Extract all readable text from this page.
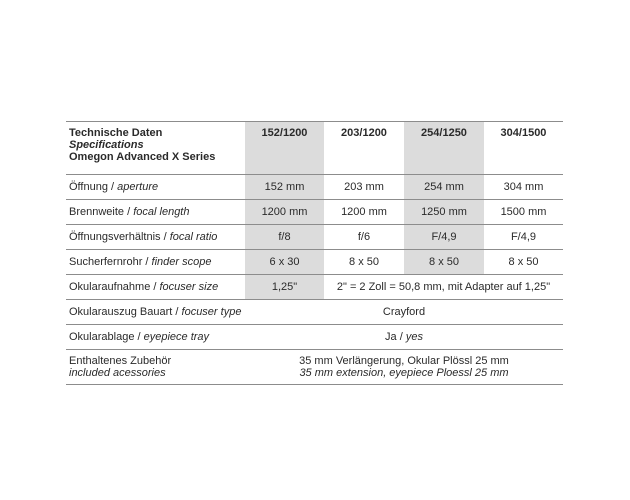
Technische Daten
Specifications
Omegon Advanced X Series	152/1200	203/1200	254/1250	304/1500
Öffnung / aperture	152 mm	203 mm	254 mm	304 mm
Brennweite / focal length	1200 mm	1200 mm	1250 mm	1500 mm
Öffnungsverhältnis / focal ratio	f/8	f/6	F/4,9	F/4,9
Sucherfernrohr / finder scope	6 x 30	8 x 50	8 x 50	8 x 50
Okularaufnahme / focuser size	1,25"	2" = 2 Zoll = 50,8 mm, mit Adapter auf 1,25"		
Okularauszug Bauart / focuser type	Crayford			
Okularablage / eyepiece tray	Ja / yes			

Enthaltenes Zubehör
included acessories	35 mm Verlängerung, Okular Plössl 25 mm
35 mm extension, eyepiece Ploessl 25 mm			
